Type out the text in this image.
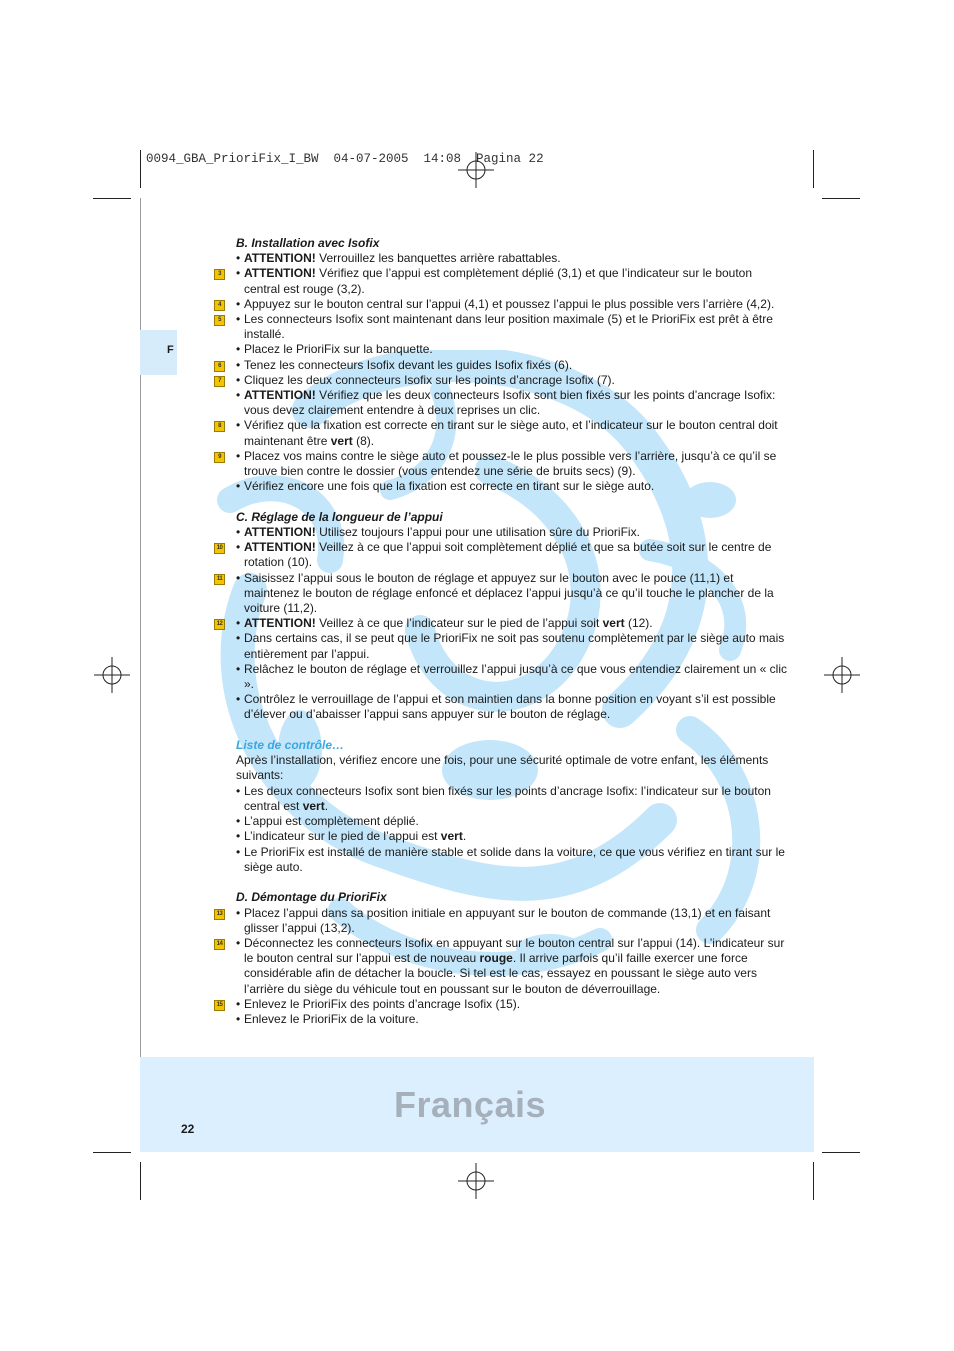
0094_GBA_PrioriFix_I_BW  04-07-2005  14:08  Pagina 22
F
Français
22
B. Installation avec Isofix
• ATTENTION! Verrouillez les banquettes arrière rabattables.
• 3	ATTENTION! Vérifiez que l’appui est complètement déplié (3,1) et que l’indicateur sur le bouton central est rouge (3,2).
• 4	Appuyez sur le bouton central sur l’appui (4,1) et poussez l’appui le plus possible vers l’arrière (4,2).
• 5	Les connecteurs Isofix sont maintenant dans leur position maximale (5) et le PrioriFix est prêt à être installé.
• Placez le PrioriFix sur la banquette.
• 6	Tenez les connecteurs Isofix devant les guides Isofix fixés (6).
• 7	Cliquez les deux connecteurs Isofix sur les points d’ancrage Isofix (7).
• ATTENTION! Vérifiez que les deux connecteurs Isofix sont bien fixés sur les points d’ancrage Isofix: vous devez clairement entendre à deux reprises un clic.
• 8	Vérifiez que la fixation est correcte en tirant sur le siège auto, et l’indicateur sur le bouton central doit maintenant être vert (8).
• 9	Placez vos mains contre le siège auto et poussez-le le plus possible vers l’arrière, jusqu’à ce qu’il se trouve bien contre le dossier (vous entendez une série de bruits secs) (9).
• Vérifiez encore une fois que la fixation est correcte en tirant sur le siège auto.
C. Réglage de la longueur de l’appui
• ATTENTION! Utilisez toujours l’appui pour une utilisation sûre du PrioriFix.
• 10 ATTENTION! Veillez à ce que l’appui soit complètement déplié et que sa butée soit sur le centre de rotation (10).
• 11 Saisissez l’appui sous le bouton de réglage et appuyez sur le bouton avec le pouce (11,1) et maintenez le bouton de réglage enfoncé et déplacez l’appui jusqu’à ce qu’il touche le plancher de la voiture (11,2).
• 12 ATTENTION! Veillez à ce que l’indicateur sur le pied de l’appui soit vert (12).
• Dans certains cas, il se peut que le PrioriFix ne soit pas soutenu complètement par le siège auto mais entièrement par l’appui.
• Relâchez le bouton de réglage et verrouillez l’appui jusqu’à ce que vous entendiez clairement un « clic ».
• Contrôlez le verrouillage de l’appui et son maintien dans la bonne position en voyant s’il est possible d’élever ou d’abaisser l’appui sans appuyer sur le bouton de réglage.
Liste de contrôle…
Après l’installation, vérifiez encore une fois, pour une sécurité optimale de votre enfant, les éléments suivants:
• Les deux connecteurs Isofix sont bien fixés sur les points d’ancrage Isofix: l’indicateur sur le bouton central est vert.
• L’appui est complètement déplié.
• L’indicateur sur le pied de l’appui est vert.
• Le PrioriFix est installé de manière stable et solide dans la voiture, ce que vous vérifiez en tirant sur le siège auto.
D. Démontage du PrioriFix
• 13 Placez l’appui dans sa position initiale en appuyant sur le bouton de commande (13,1) et en faisant glisser l’appui (13,2).
• 14 Déconnectez les connecteurs Isofix en appuyant sur le bouton central sur l’appui (14). L’indicateur sur le bouton central sur l’appui est de nouveau rouge. Il arrive parfois qu’il faille exercer une force considérable afin de détacher la boucle. Si tel est le cas, essayez en poussant le siège auto vers l’arrière du siège du véhicule tout en poussant sur le bouton de déverrouillage.
• 15 Enlevez le PrioriFix des points d’ancrage Isofix (15).
• Enlevez le PrioriFix de la voiture.
